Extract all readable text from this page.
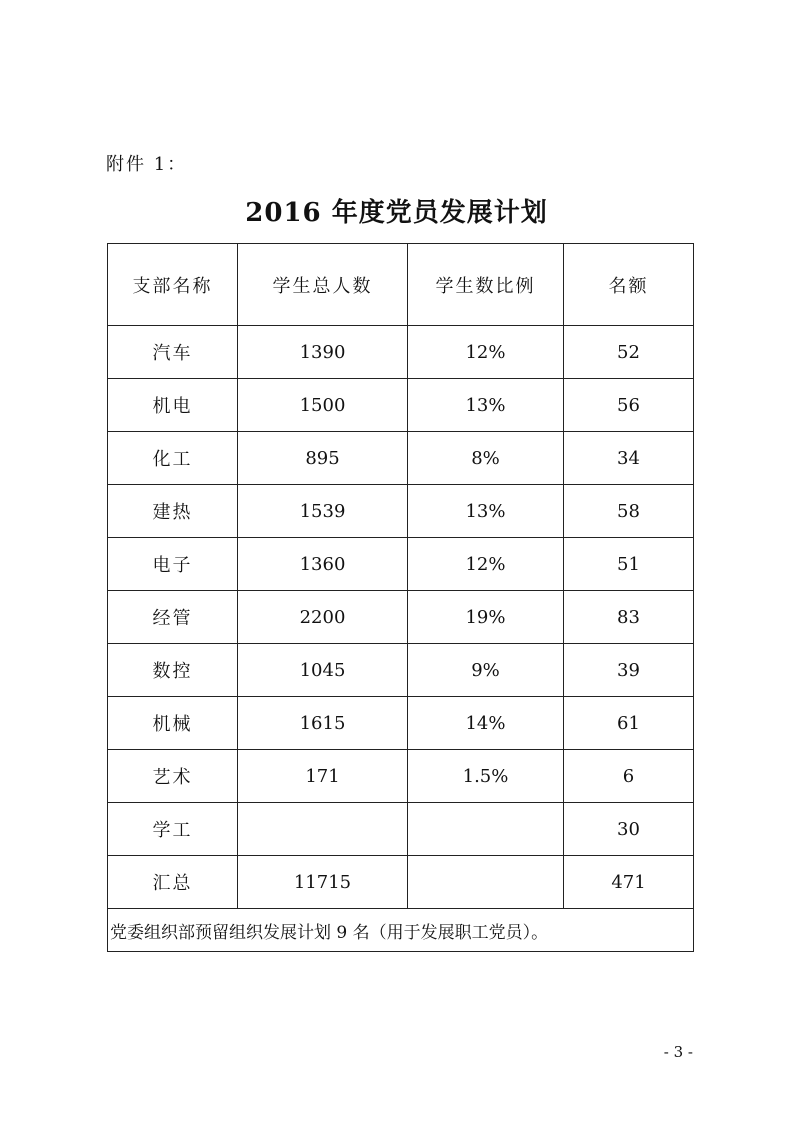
附件 1：
2016 年度党员发展计划
支部名称	学生总人数	学生数比例	名额
汽车	1390	12%	52
机电	1500	13%	56
化工	895	8%	34
建热	1539	13%	58
电子	1360	12%	51
经管	2200	19%	83
数控	1045	9%	39
机械	1615	14%	61
艺术	171	1.5%	6
学工			30
汇总	11715		471
党委组织部预留组织发展计划 9 名（用于发展职工党员）。			
- 3 -
